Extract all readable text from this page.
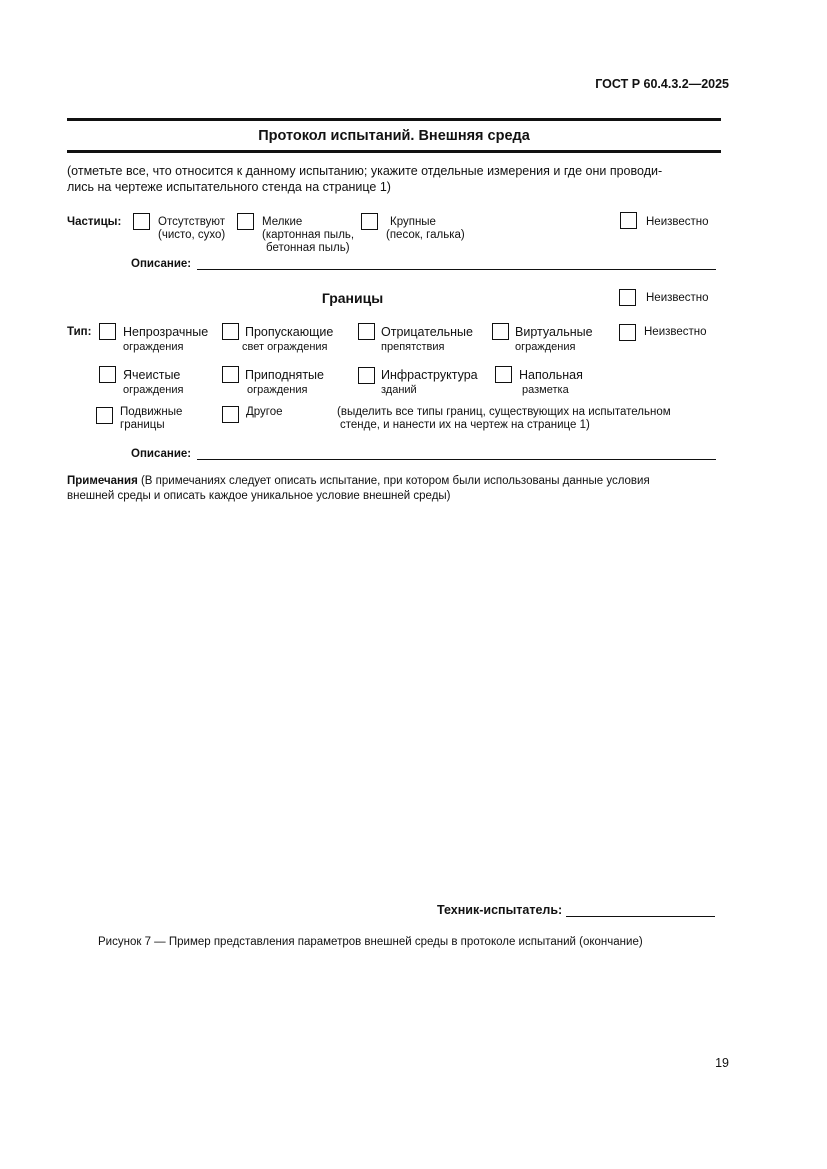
ГОСТ Р 60.4.3.2—2025
Протокол испытаний. Внешняя среда
(отметьте все, что относится к данному испытанию; укажите отдельные измерения и где они проводи-
лись на чертеже испытательного стенда на странице 1)
Частицы:	Отсутствуют
(чисто, сухо)
Мелкие
(картонная пыль,
бетонная пыль)
Крупные
(песок, галька)
Неизвестно
Описание:
Границы	Неизвестно
Тип:	Непрозрачные
ограждения
Пропускающие
свет ограждения
Отрицательные
препятствия
Виртуальные
ограждения
Неизвестно
Ячеистые
ограждения
Приподнятые
ограждения
Инфраструктура
зданий
Напольная
разметка
Подвижные
границы
Другое	(выделить все типы границ, существующих на испытательном
стенде, и нанести их на чертеж на странице 1)
Описание:
Примечания (В примечаниях следует описать испытание, при котором были использованы данные условия
внешней среды и описать каждое уникальное условие внешней среды)
Техник-испытатель:
Рисунок 7 — Пример представления параметров внешней среды в протоколе испытаний (окончание)
19
